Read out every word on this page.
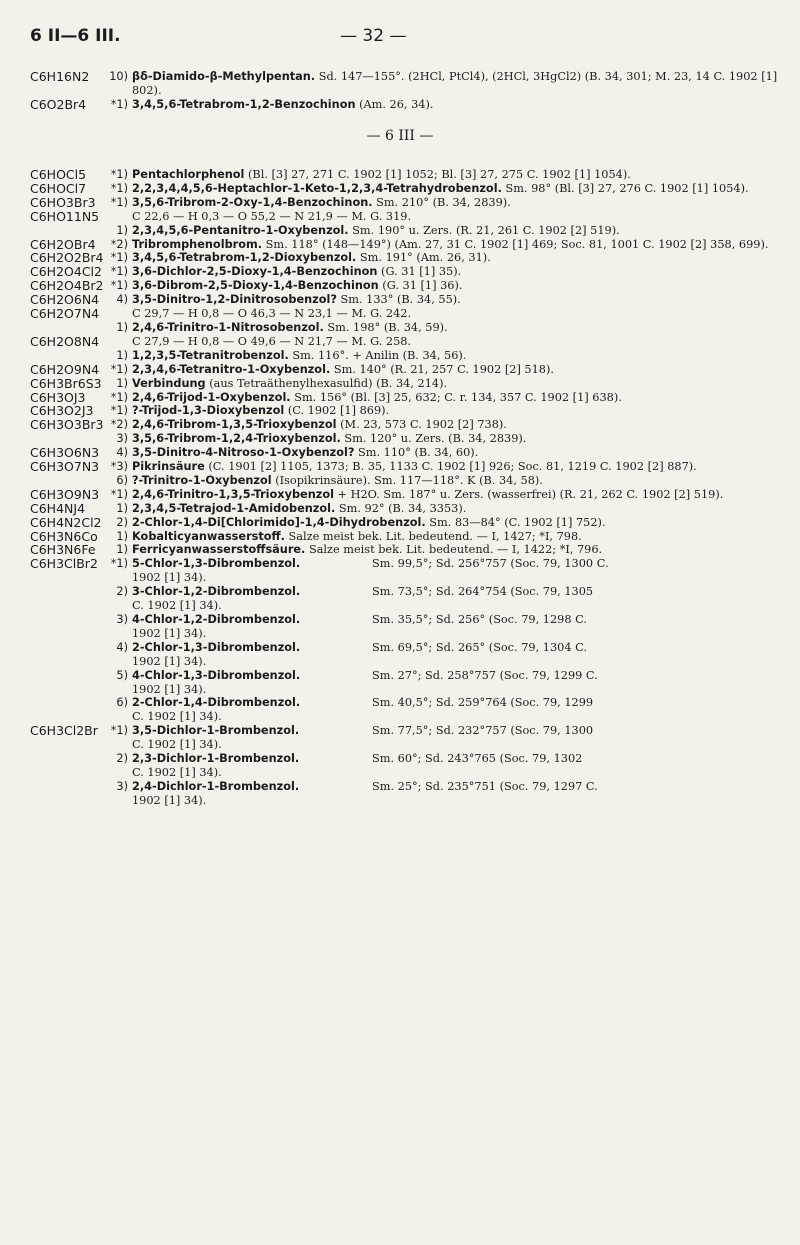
6 II—6 III.	— 32 —
C6H16N2	10) βδ-Diamido-β-Methylpentan. Sd. 147—155°. (2HCl, PtCl4), (2HCl, 3HgCl2) (B. 34, 301; M. 23, 14 C. 1902 [1] 802).
C6O2Br4	*1) 3,4,5,6-Tetrabrom-1,2-Benzochinon (Am. 26, 34).
— 6 III —
C6HOCl5	*1) Pentachlorphenol (Bl. [3] 27, 271 C. 1902 [1] 1052; Bl. [3] 27, 275 C. 1902 [1] 1054).
C6HOCl7	*1) 2,2,3,4,4,5,6-Heptachlor-1-Keto-1,2,3,4-Tetrahydrobenzol. Sm. 98° (Bl. [3] 27, 276 C. 1902 [1] 1054).
C6HO3Br3	*1) 3,5,6-Tribrom-2-Oxy-1,4-Benzochinon. Sm. 210° (B. 34, 2839).
C6HO11N5	C 22,6 — H 0,3 — O 55,2 — N 21,9 — M. G. 319.
1) 2,3,4,5,6-Pentanitro-1-Oxybenzol. Sm. 190° u. Zers. (R. 21, 261 C. 1902 [2] 519).
C6H2OBr4	*2) Tribromphenolbrom. Sm. 118° (148—149°) (Am. 27, 31 C. 1902 [1] 469; Soc. 81, 1001 C. 1902 [2] 358, 699).
C6H2O2Br4 *1) 3,4,5,6-Tetrabrom-1,2-Dioxybenzol. Sm. 191° (Am. 26, 31).
C6H2O4Cl2 *1) 3,6-Dichlor-2,5-Dioxy-1,4-Benzochinon (G. 31 [1] 35).
C6H2O4Br2 *1) 3,6-Dibrom-2,5-Dioxy-1,4-Benzochinon (G. 31 [1] 36).
C6H2O6N4	4) 3,5-Dinitro-1,2-Dinitrosobenzol? Sm. 133° (B. 34, 55).
C6H2O7N4	C 29,7 — H 0,8 — O 46,3 — N 23,1 — M. G. 242.
1) 2,4,6-Trinitro-1-Nitrosobenzol. Sm. 198° (B. 34, 59).
C6H2O8N4	C 27,9 — H 0,8 — O 49,6 — N 21,7 — M. G. 258.
1) 1,2,3,5-Tetranitrobenzol. Sm. 116°. + Anilin (B. 34, 56).
C6H2O9N4	*1) 2,3,4,6-Tetranitro-1-Oxybenzol. Sm. 140° (R. 21, 257 C. 1902 [2] 518).
C6H3Br6S3	1) Verbindung (aus Tetraäthenylhexasulfid) (B. 34, 214).
C6H3OJ3	*1) 2,4,6-Trijod-1-Oxybenzol. Sm. 156° (Bl. [3] 25, 632; C. r. 134, 357 C. 1902 [1] 638).
C6H3O2J3	*1) ?-Trijod-1,3-Dioxybenzol (C. 1902 [1] 869).
C6H3O3Br3 *2) 2,4,6-Tribrom-1,3,5-Trioxybenzol (M. 23, 573 C. 1902 [2] 738).
3) 3,5,6-Tribrom-1,2,4-Trioxybenzol. Sm. 120° u. Zers. (B. 34, 2839).
C6H3O6N3	4) 3,5-Dinitro-4-Nitroso-1-Oxybenzol? Sm. 110° (B. 34, 60).
C6H3O7N3	*3) Pikrinsäure (C. 1901 [2] 1105, 1373; B. 35, 1133 C. 1902 [1] 926; Soc. 81, 1219 C. 1902 [2] 887).
6) ?-Trinitro-1-Oxybenzol (Isopikrinsäure). Sm. 117—118°. K (B. 34, 58).
C6H3O9N3	*1) 2,4,6-Trinitro-1,3,5-Trioxybenzol + H2O. Sm. 187° u. Zers. (wasserfrei) (R. 21, 262 C. 1902 [2] 519).
C6H4NJ4	1) 2,3,4,5-Tetrajod-1-Amidobenzol. Sm. 92° (B. 34, 3353).
C6H4N2Cl2	2) 2-Chlor-1,4-Di[Chlorimido]-1,4-Dihydrobenzol. Sm. 83—84° (C. 1902 [1] 752).
C6H3N6Co	1) Kobalticyanwasserstoff. Salze meist bek. Lit. bedeutend. — I, 1427; *I, 798.
C6H3N6Fe	1) Ferricyanwasserstoffsäure. Salze meist bek. Lit. bedeutend. — I, 1422; *I, 796.
C6H3ClBr2	*1) 5-Chlor-1,3-Dibrombenzol.	Sm. 99,5°; Sd. 256°757 (Soc. 79, 1300 C.
1902 [1] 34).
2) 3-Chlor-1,2-Dibrombenzol.	Sm. 73,5°; Sd. 264°754 (Soc. 79, 1305
C. 1902 [1] 34).
3) 4-Chlor-1,2-Dibrombenzol.	Sm. 35,5°; Sd. 256° (Soc. 79, 1298 C.
1902 [1] 34).
4) 2-Chlor-1,3-Dibrombenzol.	Sm. 69,5°; Sd. 265° (Soc. 79, 1304 C.
1902 [1] 34).
5) 4-Chlor-1,3-Dibrombenzol.	Sm. 27°; Sd. 258°757 (Soc. 79, 1299 C.
1902 [1] 34).
6) 2-Chlor-1,4-Dibrombenzol.	Sm. 40,5°; Sd. 259°764 (Soc. 79, 1299
C. 1902 [1] 34).
C6H3Cl2Br	*1) 3,5-Dichlor-1-Brombenzol.	Sm. 77,5°; Sd. 232°757 (Soc. 79, 1300
C. 1902 [1] 34).
2) 2,3-Dichlor-1-Brombenzol.	Sm. 60°; Sd. 243°765 (Soc. 79, 1302
C. 1902 [1] 34).
3) 2,4-Dichlor-1-Brombenzol.	Sm. 25°; Sd. 235°751 (Soc. 79, 1297 C.
1902 [1] 34).
